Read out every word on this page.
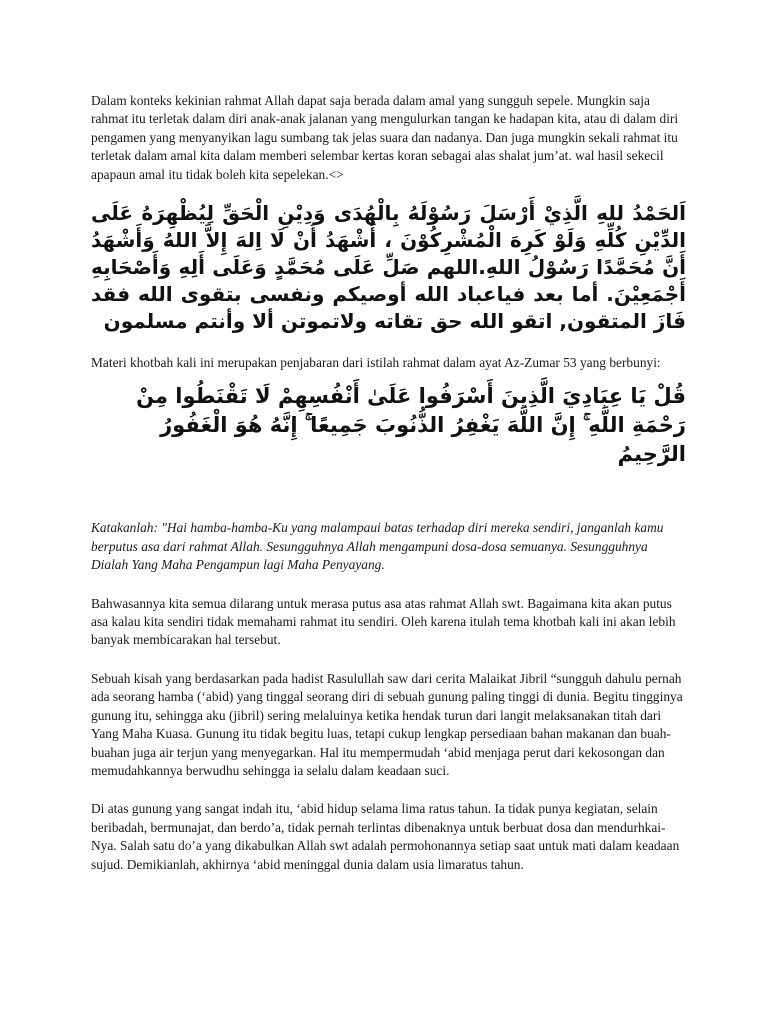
Dalam konteks kekinian rahmat Allah dapat saja berada dalam amal yang sungguh sepele. Mungkin saja rahmat itu terletak dalam diri anak-anak jalanan yang mengulurkan tangan ke hadapan kita, atau di dalam diri pengamen yang menyanyikan lagu sumbang tak jelas suara dan nadanya. Dan juga mungkin sekali rahmat itu terletak dalam amal kita dalam memberi selembar kertas koran sebagai alas shalat jum’at. wal hasil sekecil apapaun amal itu tidak boleh kita sepelekan.<>

اَلحَمْدُ للهِ الَّذِيْ أَرْسَلَ رَسُوْلَهُ بِالْهُدَى وَدِيْنِ الْحَقِّ لِيُظْهِرَهُ عَلَى الدِّيْنِ كُلِّهِ وَلَوْ كَرِهَ الْمُشْرِكُوْنَ ، أَشْهَدُ أَنْ لَا اِلهَ إِلاَّ اللهُ وَأَشْهَدُ أَنَّ مُحَمَّدًا رَسُوْلُ اللهِ.اللهم صَلِّ عَلَى مُحَمَّدٍ وَعَلَى أَلِهِ وَأَصْحَابِهِ أَجْمَعِيْنَ. أما بعد فياعباد الله أوصيكم ونفسى بتقوى الله فقد فَازَ المتقون, اتقو الله حق تقاته ولاتموتن ألا وأنتم مسلمون

Materi khotbah kali ini merupakan penjabaran dari istilah rahmat dalam ayat Az-Zumar 53 yang berbunyi:

قُلْ يَا عِبَادِيَ الَّذِينَ أَسْرَفُوا عَلَىٰ أَنْفُسِهِمْ لَا تَقْنَطُوا مِنْ رَحْمَةِ اللَّهِ ۚ إِنَّ اللَّهَ يَغْفِرُ الذُّنُوبَ جَمِيعًا ۚ إِنَّهُ هُوَ الْغَفُورُ الرَّحِيمُ

Katakanlah: "Hai hamba-hamba-Ku yang malampaui batas terhadap diri mereka sendiri, janganlah kamu berputus asa dari rahmat Allah. Sesungguhnya Allah mengampuni dosa-dosa semuanya. Sesungguhnya Dialah Yang Maha Pengampun lagi Maha Penyayang.

Bahwasannya kita semua dilarang untuk merasa putus asa atas rahmat Allah swt. Bagaimana kita akan putus asa kalau kita sendiri tidak memahami rahmat itu sendiri. Oleh karena itulah tema khotbah kali ini akan lebih banyak membicarakan hal tersebut.

Sebuah kisah yang berdasarkan pada hadist Rasulullah saw dari cerita Malaikat Jibril “sungguh dahulu pernah ada seorang hamba (‘abid) yang tinggal seorang diri di sebuah gunung paling tinggi di dunia. Begitu tingginya gunung itu, sehingga aku (jibril) sering melaluinya ketika hendak turun dari langit melaksanakan titah dari Yang Maha Kuasa. Gunung itu tidak begitu luas, tetapi cukup lengkap persediaan bahan makanan dan buah-buahan juga air terjun yang menyegarkan. Hal itu mempermudah ‘abid menjaga perut dari kekosongan dan memudahkannya berwudhu sehingga ia selalu dalam keadaan suci.

Di atas gunung yang sangat indah itu, ‘abid hidup selama lima ratus tahun. Ia tidak punya kegiatan, selain beribadah, bermunajat, dan berdo’a, tidak pernah terlintas dibenaknya untuk berbuat dosa dan mendurhkai-Nya. Salah satu do’a yang dikabulkan Allah swt adalah permohonannya setiap saat untuk mati dalam keadaan sujud. Demikianlah, akhirnya ‘abid meninggal dunia dalam usia limaratus tahun.
